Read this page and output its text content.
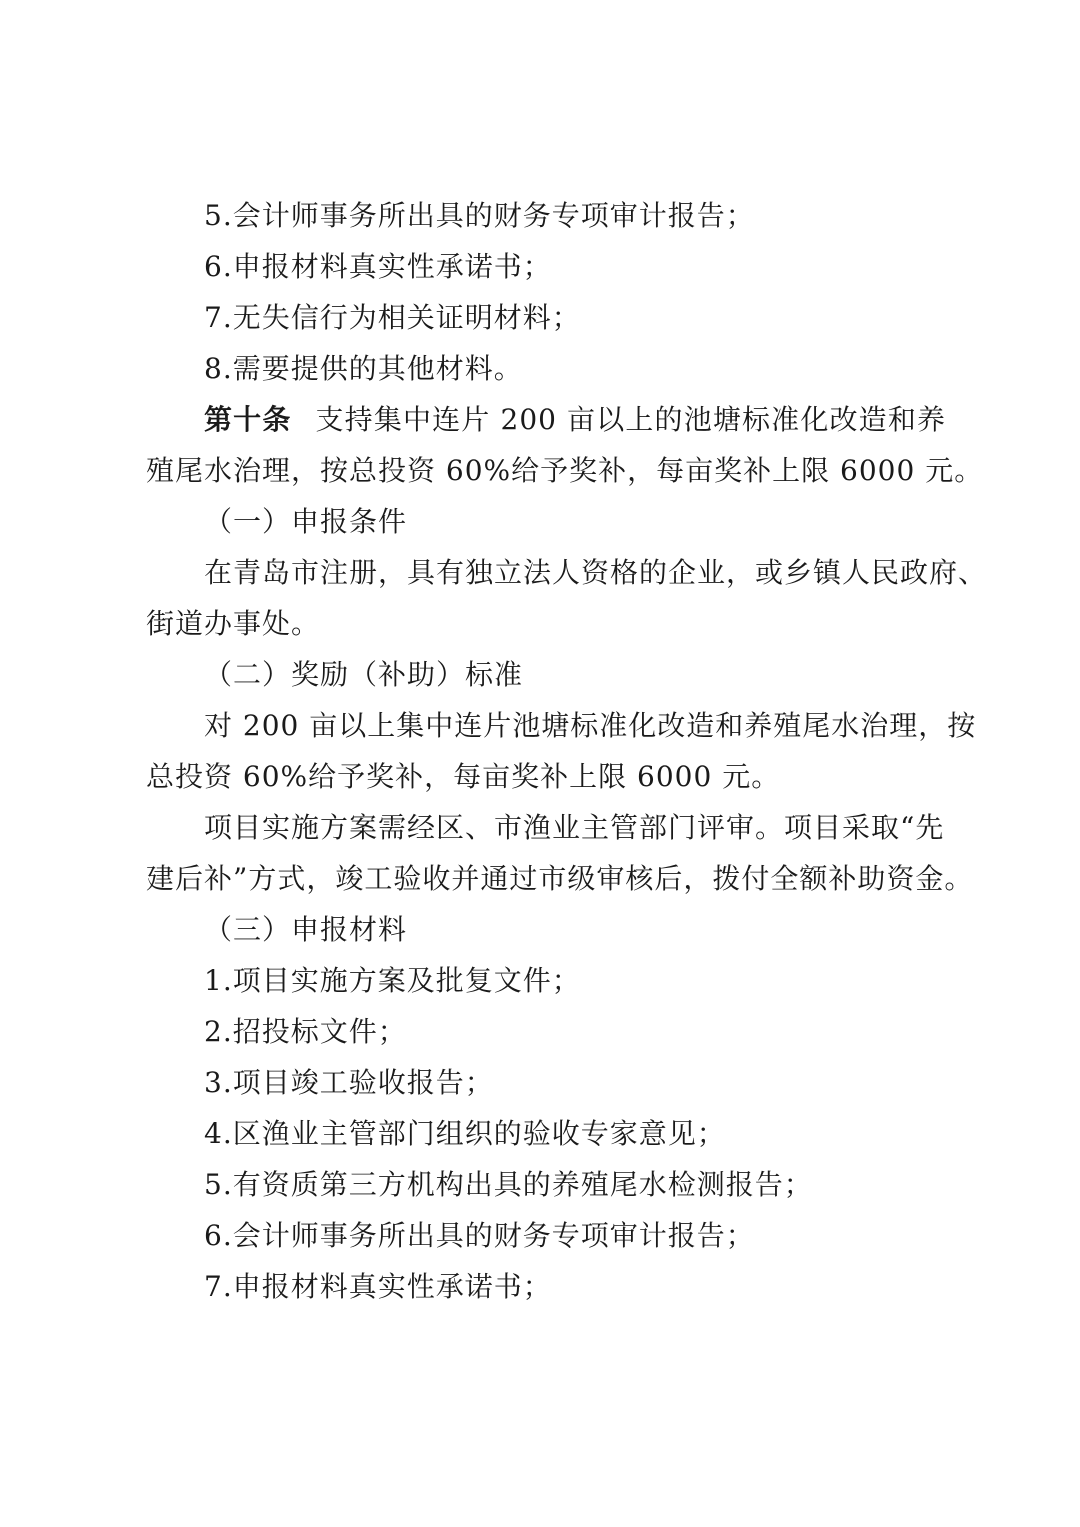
5.会计师事务所出具的财务专项审计报告；
6.申报材料真实性承诺书；
7.无失信行为相关证明材料；
8.需要提供的其他材料。
第十条 支持集中连片 200 亩以上的池塘标准化改造和养
殖尾水治理，按总投资 60%给予奖补，每亩奖补上限 6000 元。
（一）申报条件
在青岛市注册，具有独立法人资格的企业，或乡镇人民政府、
街道办事处。
（二）奖励（补助）标准
对 200 亩以上集中连片池塘标准化改造和养殖尾水治理，按
总投资 60%给予奖补，每亩奖补上限 6000 元。
项目实施方案需经区、市渔业主管部门评审。项目采取“先
建后补”方式，竣工验收并通过市级审核后，拨付全额补助资金。
（三）申报材料
1.项目实施方案及批复文件；
2.招投标文件；
3.项目竣工验收报告；
4.区渔业主管部门组织的验收专家意见；
5.有资质第三方机构出具的养殖尾水检测报告；
6.会计师事务所出具的财务专项审计报告；
7.申报材料真实性承诺书；
